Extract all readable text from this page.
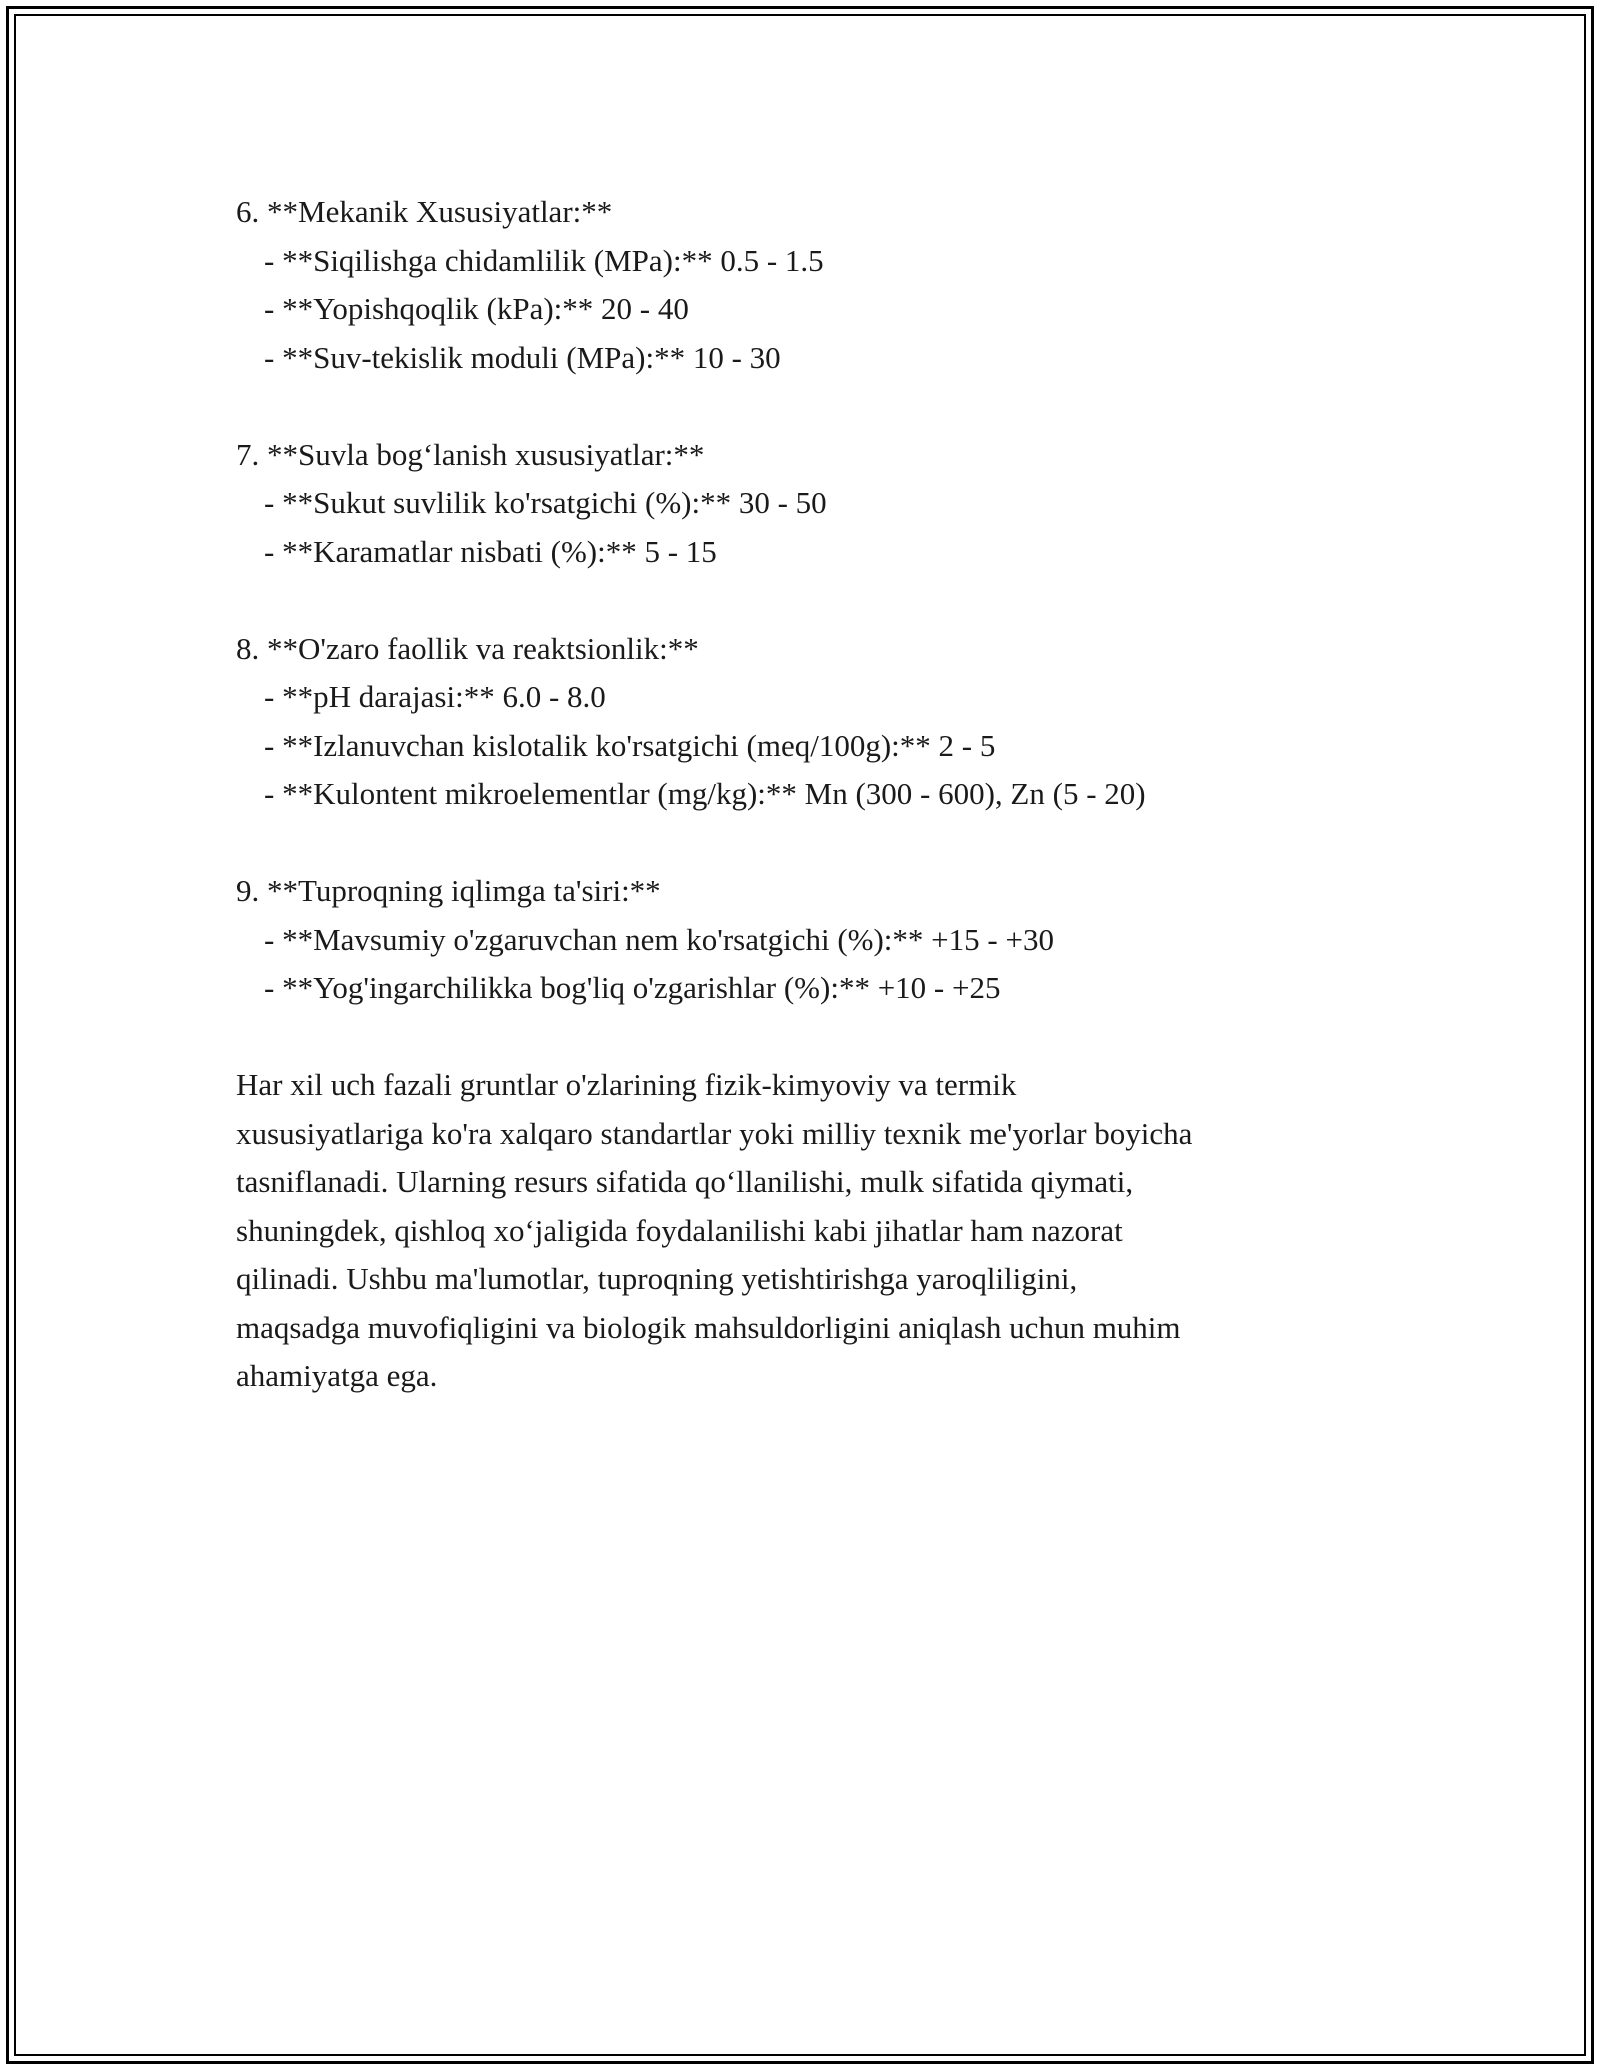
6. **Mekanik Xususiyatlar:**
- **Siqilishga chidamlilik (MPa):** 0.5 - 1.5
- **Yopishqoqlik (kPa):** 20 - 40
- **Suv-tekislik moduli (MPa):** 10 - 30
7. **Suvla bog‘lanish xususiyatlar:**
- **Sukut suvlilik ko'rsatgichi (%):** 30 - 50
- **Karamatlar nisbati (%):** 5 - 15
8. **O'zaro faollik va reaktsionlik:**
- **pH darajasi:** 6.0 - 8.0
- **Izlanuvchan kislotalik ko'rsatgichi (meq/100g):** 2 - 5
- **Kulontent mikroelementlar (mg/kg):** Mn (300 - 600), Zn (5 - 20)
9. **Tuproqning iqlimga ta'siri:**
- **Mavsumiy o'zgaruvchan nem ko'rsatgichi (%):** +15 - +30
- **Yog'ingarchilikka bog'liq o'zgarishlar (%):** +10 - +25
Har xil uch fazali gruntlar o'zlarining fizik-kimyoviy va termik
xususiyatlariga ko'ra xalqaro standartlar yoki milliy texnik me'yorlar boyicha
tasniflanadi. Ularning resurs sifatida qo‘llanilishi, mulk sifatida qiymati,
shuningdek, qishloq xo‘jaligida foydalanilishi kabi jihatlar ham nazorat
qilinadi. Ushbu ma'lumotlar, tuproqning yetishtirishga yaroqliligini,
maqsadga muvofiqligini va biologik mahsuldorligini aniqlash uchun muhim
ahamiyatga ega.
